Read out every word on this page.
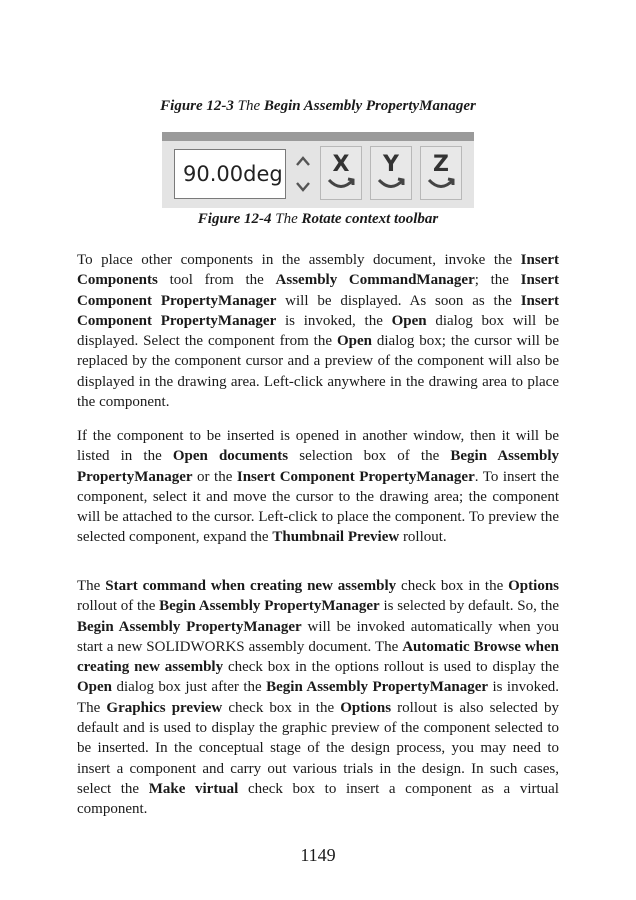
Figure 12-3 The Begin Assembly PropertyManager
90.00deg X Y Z
Figure 12-4 The Rotate context toolbar

To place other components in the assembly document, invoke the Insert Components tool from the Assembly CommandManager; the Insert Component PropertyManager will be displayed. As soon as the Insert Component PropertyManager is invoked, the Open dialog box will be displayed. Select the component from the Open dialog box; the cursor will be replaced by the component cursor and a preview of the component will also be displayed in the drawing area. Left-click anywhere in the drawing area to place the component.

If the component to be inserted is opened in another window, then it will be listed in the Open documents selection box of the Begin Assembly PropertyManager or the Insert Component PropertyManager. To insert the component, select it and move the cursor to the drawing area; the component will be attached to the cursor. Left-click to place the component. To preview the selected component, expand the Thumbnail Preview rollout.

The Start command when creating new assembly check box in the Options rollout of the Begin Assembly PropertyManager is selected by default. So, the Begin Assembly PropertyManager will be invoked automatically when you start a new SOLIDWORKS assembly document. The Automatic Browse when creating new assembly check box in the options rollout is used to display the Open dialog box just after the Begin Assembly PropertyManager is invoked. The Graphics preview check box in the Options rollout is also selected by default and is used to display the graphic preview of the component selected to be inserted. In the conceptual stage of the design process, you may need to insert a component and carry out various trials in the design. In such cases, select the Make virtual check box to insert a component as a virtual component.

1149
